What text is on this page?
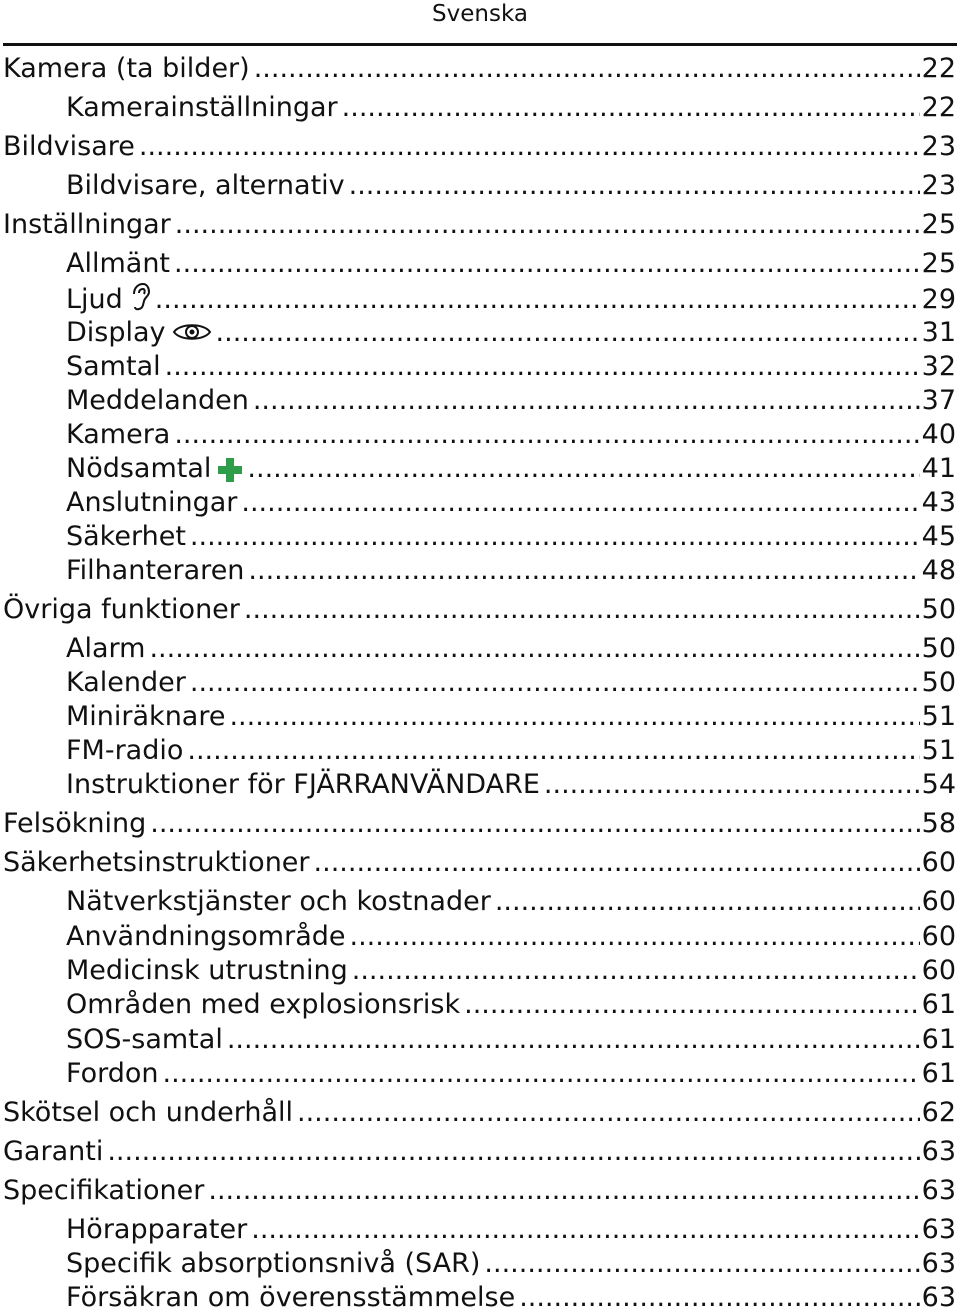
Svenska
Kamera (ta bilder) .....	22
Kamerainställningar .....	22
Bildvisare .....	23
Bildvisare, alternativ .....	23
Inställningar .....	25
Allmänt .....	25
Ljud .....	29
Display .....	31
Samtal .....	32
Meddelanden .....	37
Kamera .....	40
Nödsamtal .....	41
Anslutningar .....	43
Säkerhet .....	45
Filhanteraren .....	48
Övriga funktioner .....	50
Alarm .....	50
Kalender .....	50
Miniräknare .....	51
FM-radio .....	51
Instruktioner för FJÄRRANVÄNDARE .....	54
Felsökning .....	58
Säkerhetsinstruktioner .....	60
Nätverkstjänster och kostnader .....	60
Användningsområde .....	60
Medicinsk utrustning .....	60
Områden med explosionsrisk .....	61
SOS-samtal .....	61
Fordon .....	61
Skötsel och underhåll .....	62
Garanti .....	63
Specifikationer .....	63
Hörapparater .....	63
Specifik absorptionsnivå (SAR) .....	63
Försäkran om överensstämmelse .....	63
